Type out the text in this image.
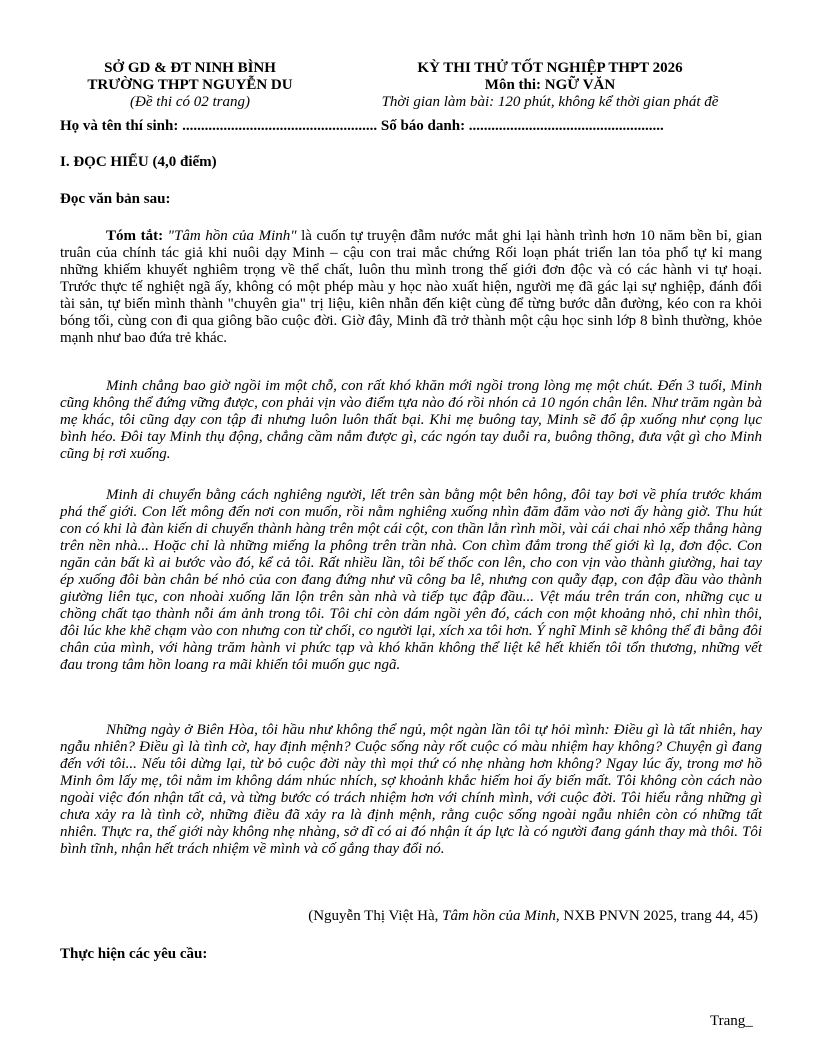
SỞ GD & ĐT NINH BÌNH
TRƯỜNG THPT NGUYỄN DU
(Đề thi có 02 trang)
KỲ THI THỬ TỐT NGHIỆP THPT 2026
Môn thi: NGỮ VĂN
Thời gian làm bài: 120 phút, không kể thời gian phát đề
Họ và tên thí sinh: .................................................... Số báo danh: ....................................................
I. ĐỌC HIỂU (4,0 điểm)
Đọc văn bản sau:
Tóm tắt: "Tâm hồn của Minh" là cuốn tự truyện đẫm nước mắt ghi lại hành trình hơn 10 năm bền bỉ, gian truân của chính tác giả khi nuôi dạy Minh – cậu con trai mắc chứng Rối loạn phát triển lan tỏa phổ tự kỉ mang những khiếm khuyết nghiêm trọng về thể chất, luôn thu mình trong thế giới đơn độc và có các hành vi tự hoại. Trước thực tế nghiệt ngã ấy, không có một phép màu y học nào xuất hiện, người mẹ đã gác lại sự nghiệp, đánh đổi tài sản, tự biến mình thành "chuyên gia" trị liệu, kiên nhẫn đến kiệt cùng để từng bước dẫn đường, kéo con ra khỏi bóng tối, cùng con đi qua giông bão cuộc đời. Giờ đây, Minh đã trở thành một cậu học sinh lớp 8 bình thường, khỏe mạnh như bao đứa trẻ khác.
Minh chẳng bao giờ ngồi im một chỗ, con rất khó khăn mới ngồi trong lòng mẹ một chút. Đến 3 tuổi, Minh cũng không thể đứng vững được, con phải vịn vào điểm tựa nào đó rồi nhón cả 10 ngón chân lên. Như trăm ngàn bà mẹ khác, tôi cũng dạy con tập đi nhưng luôn luôn thất bại. Khi mẹ buông tay, Minh sẽ đổ ập xuống như cọng lục bình héo. Đôi tay Minh thụ động, chẳng cầm nắm được gì, các ngón tay duỗi ra, buông thõng, đưa vật gì cho Minh cũng bị rơi xuống.
Minh di chuyển bằng cách nghiêng người, lết trên sàn bằng một bên hông, đôi tay bơi về phía trước khám phá thế giới. Con lết mông đến nơi con muốn, rồi nằm nghiêng xuống nhìn đăm đăm vào nơi ấy hàng giờ. Thu hút con có khi là đàn kiến di chuyển thành hàng trên một cái cột, con thần lằn rình mồi, vài cái chai nhỏ xếp thẳng hàng trên nền nhà... Hoặc chỉ là những miếng la phông trên trần nhà. Con chìm đắm trong thế giới kì lạ, đơn độc. Con ngăn cản bất kì ai bước vào đó, kể cả tôi. Rất nhiều lần, tôi bế thốc con lên, cho con vịn vào thành giường, hai tay ép xuống đôi bàn chân bé nhỏ của con đang đứng như vũ công ba lê, nhưng con quẫy đạp, con đập đầu vào thành giường liên tục, con nhoài xuống lăn lộn trên sàn nhà và tiếp tục đập đầu... Vệt máu trên trán con, những cục u chồng chất tạo thành nỗi ám ảnh trong tôi. Tôi chỉ còn dám ngồi yên đó, cách con một khoảng nhỏ, chỉ nhìn thôi, đôi lúc khe khẽ chạm vào con nhưng con từ chối, co người lại, xích xa tôi hơn. Ý nghĩ Minh sẽ không thể đi bằng đôi chân của mình, với hàng trăm hành vi phức tạp và khó khăn không thể liệt kê hết khiến tôi tổn thương, những vết đau trong tâm hồn loang ra mãi khiến tôi muốn gục ngã.
Những ngày ở Biên Hòa, tôi hầu như không thể ngủ, một ngàn lần tôi tự hỏi mình: Điều gì là tất nhiên, hay ngẫu nhiên? Điều gì là tình cờ, hay định mệnh? Cuộc sống này rốt cuộc có màu nhiệm hay không? Chuyện gì đang đến với tôi... Nếu tôi dừng lại, từ bỏ cuộc đời này thì mọi thứ có nhẹ nhàng hơn không? Ngay lúc ấy, trong mơ hồ Minh ôm lấy mẹ, tôi nằm im không dám nhúc nhích, sợ khoảnh khắc hiếm hoi ấy biến mất. Tôi không còn cách nào ngoài việc đón nhận tất cả, và từng bước có trách nhiệm hơn với chính mình, với cuộc đời. Tôi hiểu rằng những gì chưa xảy ra là tình cờ, những điều đã xảy ra là định mệnh, rằng cuộc sống ngoài ngẫu nhiên còn có những tất nhiên. Thực ra, thế giới này không nhẹ nhàng, sở dĩ có ai đó nhận ít áp lực là có người đang gánh thay mà thôi. Tôi bình tĩnh, nhận hết trách nhiệm về mình và cố gắng thay đổi nó.
(Nguyễn Thị Việt Hà, Tâm hồn của Minh, NXB PNVN 2025, trang 44, 45)
Thực hiện các yêu cầu:
Trang_
